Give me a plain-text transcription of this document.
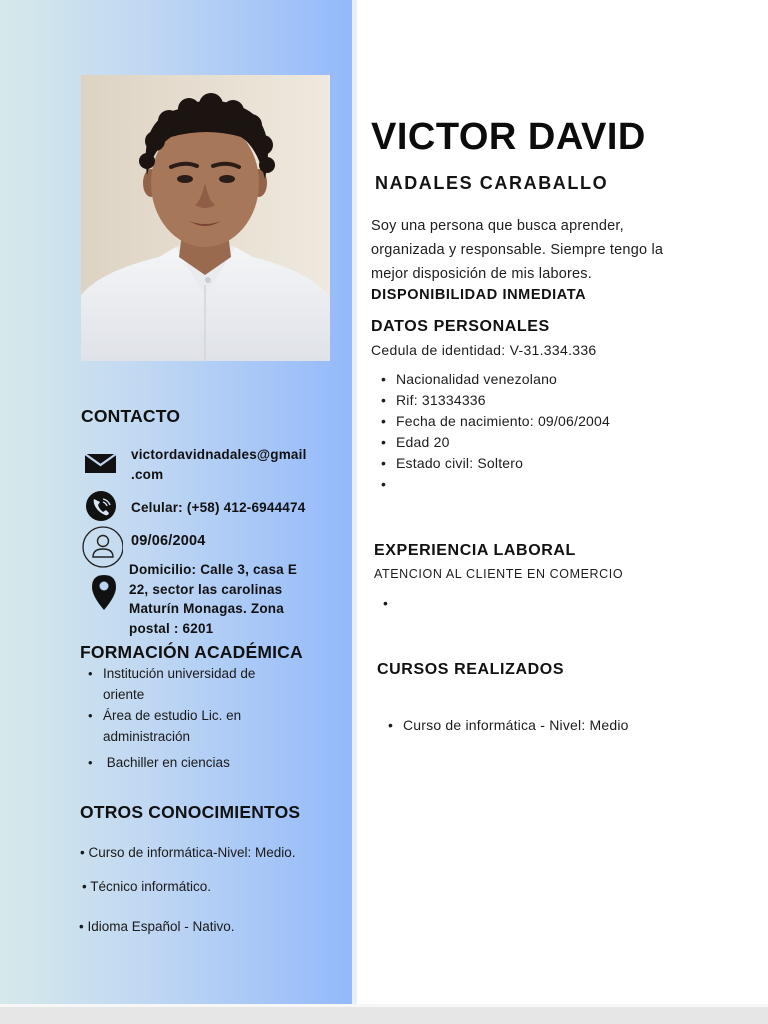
CONTACTO
victordavidnadales@gmail
.com
Celular: (+58) 412-6944474
09/06/2004
Domicilio: Calle 3, casa E
22, sector las carolinas
Maturín Monagas. Zona
postal : 6201
FORMACIÓN ACADÉMICA
• Institución universidad de
oriente
• Área de estudio Lic. en
administración
•  Bachiller en ciencias
OTROS CONOCIMIENTOS
• Curso de informática-Nivel: Medio.
• Técnico informático.
• Idioma Español - Nativo.
VICTOR DAVID
NADALES CARABALLO
Soy una persona que busca aprender, organizada y responsable. Siempre tengo la mejor disposición de mis labores.
DISPONIBILIDAD INMEDIATA
DATOS PERSONALES
Cedula de identidad: V-31.334.336
• Nacionalidad venezolano
• Rif: 31334336
• Fecha de nacimiento: 09/06/2004
• Edad 20
• Estado civil: Soltero
•
EXPERIENCIA LABORAL
ATENCION AL CLIENTE EN COMERCIO
•
CURSOS REALIZADOS
• Curso de informática - Nivel: Medio
